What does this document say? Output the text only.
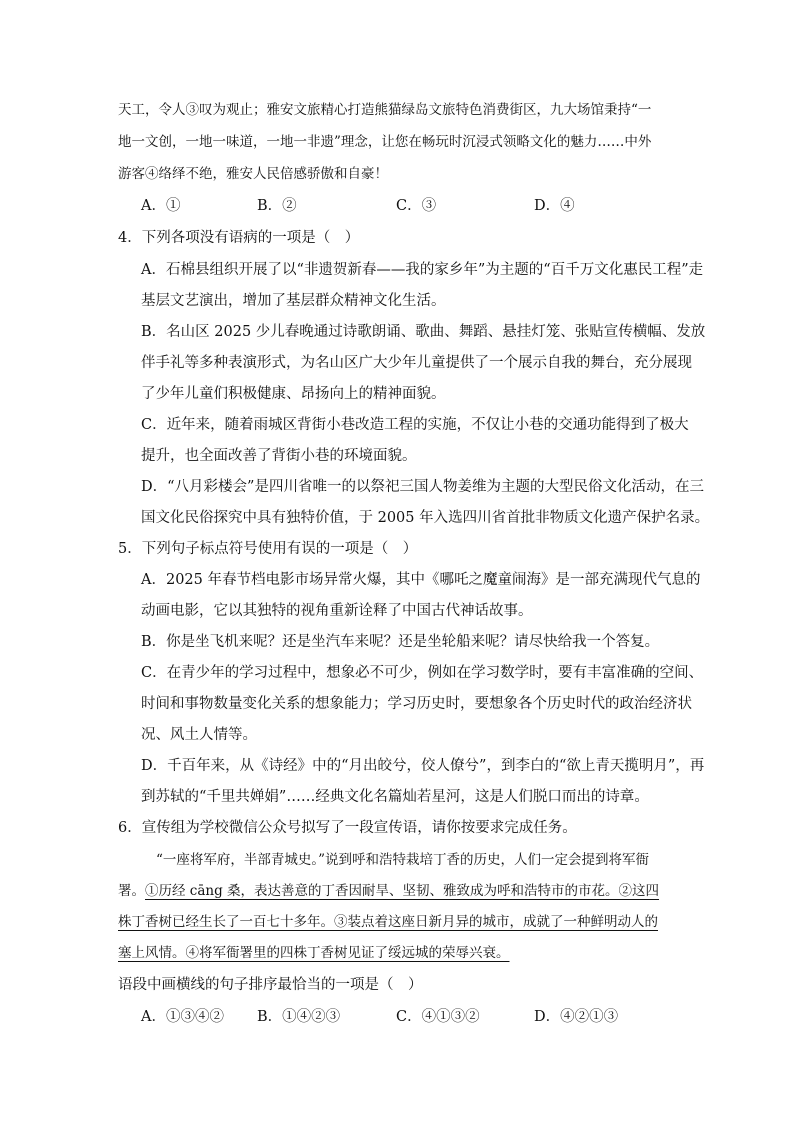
天工，令人③叹为观止；雅安文旅精心打造熊猫绿岛文旅特色消费街区，九大场馆秉持“一
地一文创，一地一味道，一地一非遗”理念，让您在畅玩时沉浸式领略文化的魅力……中外
游客④络绎不绝，雅安人民倍感骄傲和自豪！
A．①	B．②	C．③	D．④
4．下列各项没有语病的一项是（　）
A．石棉县组织开展了以“非遗贺新春——我的家乡年”为主题的“百千万文化惠民工程”走
基层文艺演出，增加了基层群众精神文化生活。
B．名山区 2025 少儿春晚通过诗歌朗诵、歌曲、舞蹈、悬挂灯笼、张贴宣传横幅、发放
伴手礼等多种表演形式，为名山区广大少年儿童提供了一个展示自我的舞台，充分展现
了少年儿童们积极健康、昂扬向上的精神面貌。
C．近年来，随着雨城区背街小巷改造工程的实施，不仅让小巷的交通功能得到了极大
提升，也全面改善了背街小巷的环境面貌。
D．“八月彩楼会”是四川省唯一的以祭祀三国人物姜维为主题的大型民俗文化活动，在三
国文化民俗探究中具有独特价值，于 2005 年入选四川省首批非物质文化遗产保护名录。
5．下列句子标点符号使用有误的一项是（　）
A．2025 年春节档电影市场异常火爆，其中《哪吒之魔童闹海》是一部充满现代气息的
动画电影，它以其独特的视角重新诠释了中国古代神话故事。
B．你是坐飞机来呢？还是坐汽车来呢？还是坐轮船来呢？请尽快给我一个答复。
C．在青少年的学习过程中，想象必不可少，例如在学习数学时，要有丰富准确的空间、
时间和事物数量变化关系的想象能力；学习历史时，要想象各个历史时代的政治经济状
况、风土人情等。
D．千百年来，从《诗经》中的“月出皎兮，佼人僚兮”，到李白的“欲上青天揽明月”，再
到苏轼的“千里共婵娟”……经典文化名篇灿若星河，这是人们脱口而出的诗章。
6．宣传组为学校微信公众号拟写了一段宣传语，请你按要求完成任务。
“一座将军府，半部青城史。”说到呼和浩特栽培丁香的历史，人们一定会提到将军衙
署。①历经 cāng 桑，表达善意的丁香因耐旱、坚韧、雅致成为呼和浩特市的市花。②这四
株丁香树已经生长了一百七十多年。③装点着这座日新月异的城市，成就了一种鲜明动人的
塞上风情。④将军衙署里的四株丁香树见证了绥远城的荣辱兴衰。
语段中画横线的句子排序最恰当的一项是（　）
A．①③④② B．①④②③	C．④①③②	D．④②①③
